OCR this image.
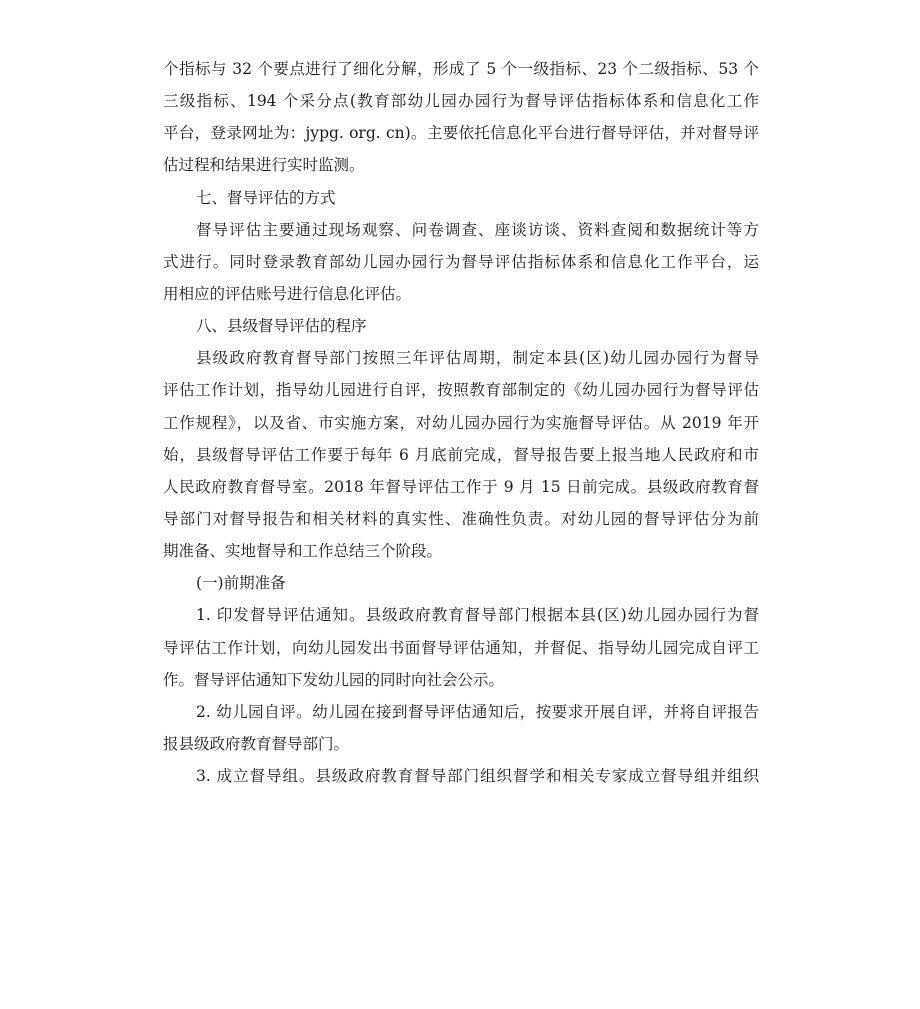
个指标与 32 个要点进行了细化分解，形成了 5 个一级指标、23 个二级指标、53 个
三级指标、194 个采分点(教育部幼儿园办园行为督导评估指标体系和信息化工作
平台，登录网址为：jypg. org. cn)。主要依托信息化平台进行督导评估，并对督导评
估过程和结果进行实时监测。
七、督导评估的方式
督导评估主要通过现场观察、问卷调查、座谈访谈、资料查阅和数据统计等方
式进行。同时登录教育部幼儿园办园行为督导评估指标体系和信息化工作平台，运
用相应的评估账号进行信息化评估。
八、县级督导评估的程序
县级政府教育督导部门按照三年评估周期，制定本县(区)幼儿园办园行为督导
评估工作计划，指导幼儿园进行自评，按照教育部制定的《幼儿园办园行为督导评估
工作规程》，以及省、市实施方案，对幼儿园办园行为实施督导评估。从 2019 年开
始，县级督导评估工作要于每年 6 月底前完成，督导报告要上报当地人民政府和市
人民政府教育督导室。2018 年督导评估工作于 9 月 15 日前完成。县级政府教育督
导部门对督导报告和相关材料的真实性、准确性负责。对幼儿园的督导评估分为前
期准备、实地督导和工作总结三个阶段。
(一)前期准备
1. 印发督导评估通知。县级政府教育督导部门根据本县(区)幼儿园办园行为督
导评估工作计划，向幼儿园发出书面督导评估通知，并督促、指导幼儿园完成自评工
作。督导评估通知下发幼儿园的同时向社会公示。
2. 幼儿园自评。幼儿园在接到督导评估通知后，按要求开展自评，并将自评报告
报县级政府教育督导部门。
3. 成立督导组。县级政府教育督导部门组织督学和相关专家成立督导组并组织
